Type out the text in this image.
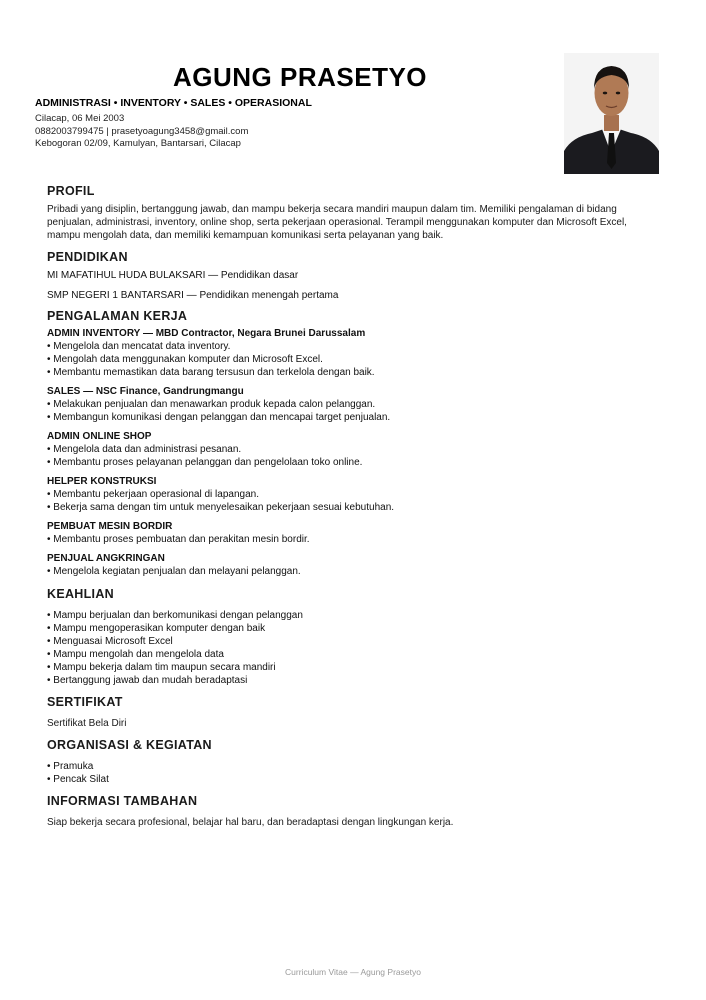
AGUNG PRASETYO
ADMINISTRASI • INVENTORY • SALES • OPERASIONAL
Cilacap, 06 Mei 2003
0882003799475 | prasetyoagung3458@gmail.com
Kebogoran 02/09, Kamulyan, Bantarsari, Cilacap
PROFIL
Pribadi yang disiplin, bertanggung jawab, dan mampu bekerja secara mandiri maupun dalam tim. Memiliki pengalaman di bidang penjualan, administrasi, inventory, online shop, serta pekerjaan operasional. Terampil menggunakan komputer dan Microsoft Excel, mampu mengolah data, dan memiliki kemampuan komunikasi serta pelayanan yang baik.
PENDIDIKAN
MI MAFATIHUL HUDA BULAKSARI — Pendidikan dasar
SMP NEGERI 1 BANTARSARI — Pendidikan menengah pertama
PENGALAMAN KERJA
ADMIN INVENTORY — MBD Contractor, Negara Brunei Darussalam
• Mengelola dan mencatat data inventory.
• Mengolah data menggunakan komputer dan Microsoft Excel.
• Membantu memastikan data barang tersusun dan terkelola dengan baik.
SALES — NSC Finance, Gandrungmangu
• Melakukan penjualan dan menawarkan produk kepada calon pelanggan.
• Membangun komunikasi dengan pelanggan dan mencapai target penjualan.
ADMIN ONLINE SHOP
• Mengelola data dan administrasi pesanan.
• Membantu proses pelayanan pelanggan dan pengelolaan toko online.
HELPER KONSTRUKSI
• Membantu pekerjaan operasional di lapangan.
• Bekerja sama dengan tim untuk menyelesaikan pekerjaan sesuai kebutuhan.
PEMBUAT MESIN BORDIR
• Membantu proses pembuatan dan perakitan mesin bordir.
PENJUAL ANGKRINGAN
• Mengelola kegiatan penjualan dan melayani pelanggan.
KEAHLIAN
• Mampu berjualan dan berkomunikasi dengan pelanggan
• Mampu mengoperasikan komputer dengan baik
• Menguasai Microsoft Excel
• Mampu mengolah dan mengelola data
• Mampu bekerja dalam tim maupun secara mandiri
• Bertanggung jawab dan mudah beradaptasi
SERTIFIKAT
Sertifikat Bela Diri
ORGANISASI & KEGIATAN
• Pramuka
• Pencak Silat
INFORMASI TAMBAHAN
Siap bekerja secara profesional, belajar hal baru, dan beradaptasi dengan lingkungan kerja.
Curriculum Vitae — Agung Prasetyo
